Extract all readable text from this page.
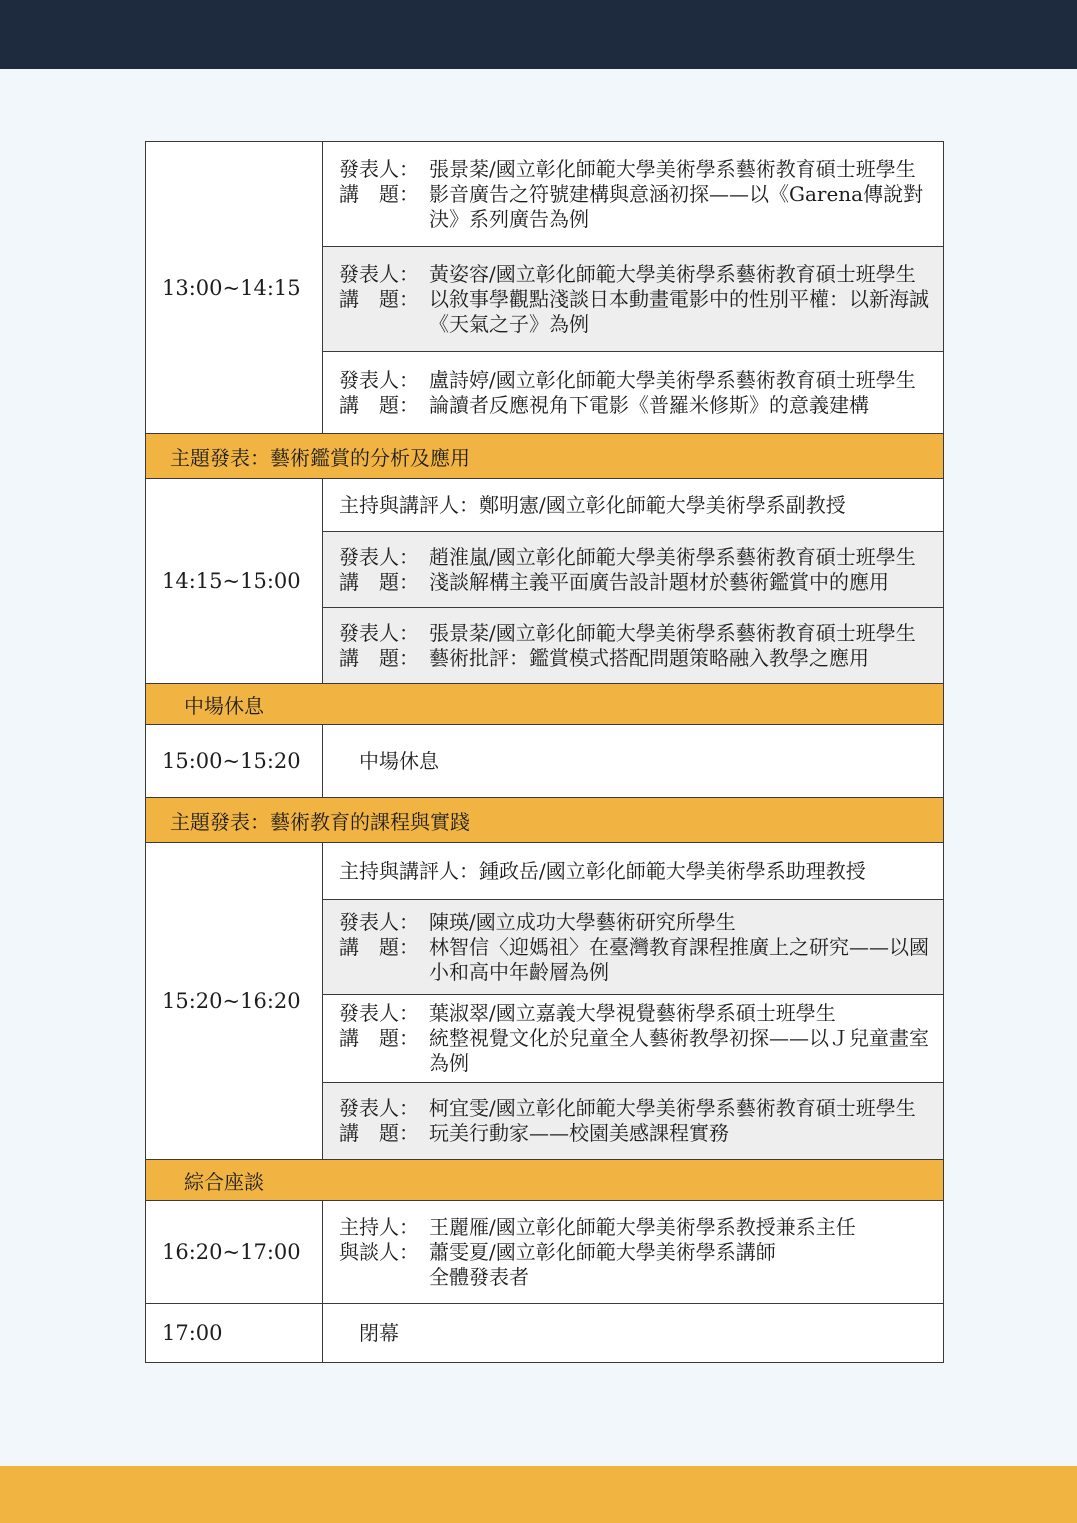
13:00~14:15	發表人： 張景棻/國立彰化師範大學美術學系藝術教育碩士班學生
講　題： 影音廣告之符號建構與意涵初探——以《Garena傳說對決》系列廣告為例

發表人： 黃姿容/國立彰化師範大學美術學系藝術教育碩士班學生
講　題： 以敘事學觀點淺談日本動畫電影中的性別平權：以新海誠《天氣之子》為例

發表人： 盧詩婷/國立彰化師範大學美術學系藝術教育碩士班學生
講　題： 論讀者反應視角下電影《普羅米修斯》的意義建構

主題發表：藝術鑑賞的分析及應用	
14:15~15:00	主持與講評人：鄭明憲/國立彰化師範大學美術學系副教授

發表人： 趙淮嵐/國立彰化師範大學美術學系藝術教育碩士班學生
講　題： 淺談解構主義平面廣告設計題材於藝術鑑賞中的應用

發表人： 張景棻/國立彰化師範大學美術學系藝術教育碩士班學生
講　題： 藝術批評：鑑賞模式搭配問題策略融入教學之應用

中場休息	
15:00~15:20	中場休息

主題發表：藝術教育的課程與實踐	
15:20~16:20	主持與講評人：鍾政岳/國立彰化師範大學美術學系助理教授

發表人： 陳瑛/國立成功大學藝術研究所學生
講　題： 林智信〈迎媽祖〉在臺灣教育課程推廣上之研究——以國小和高中年齡層為例

發表人： 葉淑翠/國立嘉義大學視覺藝術學系碩士班學生
講　題： 統整視覺文化於兒童全人藝術教學初探——以Ｊ兒童畫室為例

發表人： 柯宜雯/國立彰化師範大學美術學系藝術教育碩士班學生
講　題： 玩美行動家——校園美感課程實務

綜合座談	
16:20~17:00	主持人： 王麗雁/國立彰化師範大學美術學系教授兼系主任
與談人： 蕭雯夏/國立彰化師範大學美術學系講師
全體發表者

17:00	閉幕
